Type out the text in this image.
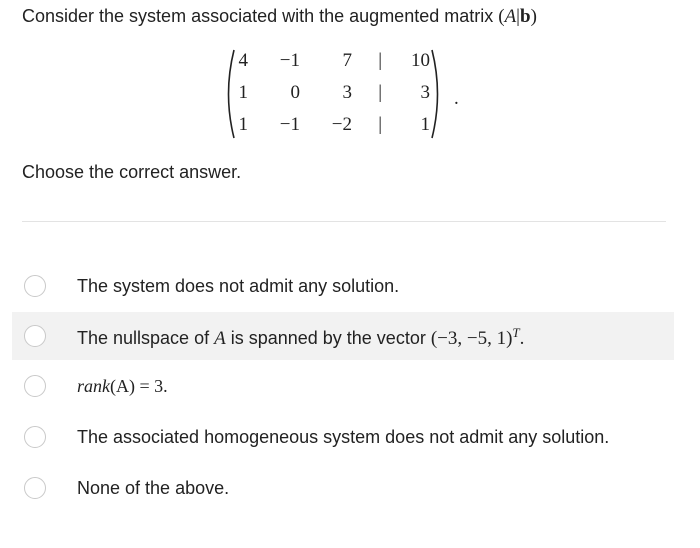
Consider the system associated with the augmented matrix (A|b)
4	−1	7	|	10
1	0	3	|	3
1	−1	−2	|	1
.
Choose the correct answer.
The system does not admit any solution.
The nullspace of A is spanned by the vector (−3, −5, 1)$^T$.
rank(A) = 3.
The associated homogeneous system does not admit any solution.
None of the above.
